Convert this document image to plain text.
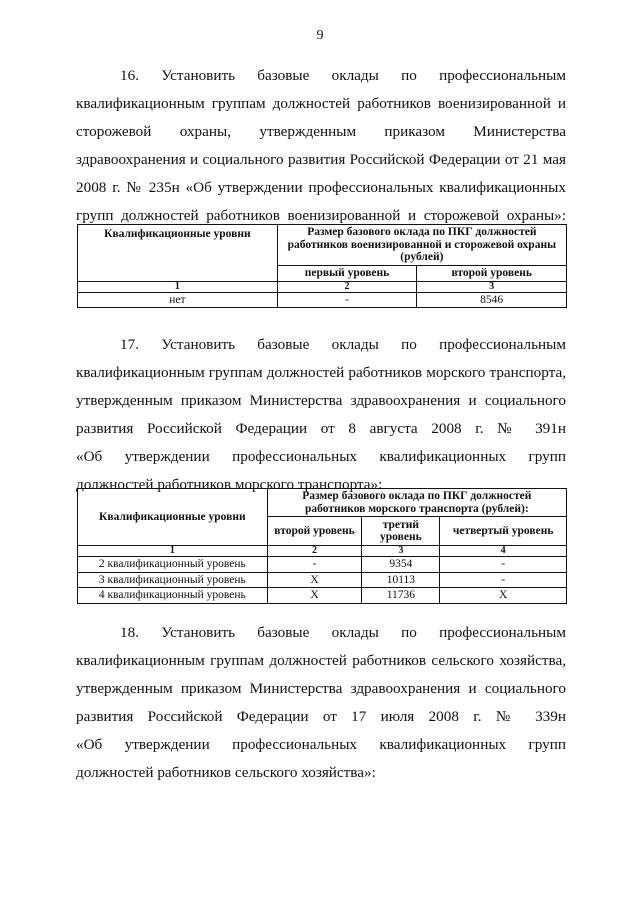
9
16. Установить базовые оклады по профессиональным
квалификационным группам должностей работников военизированной и
сторожевой охраны, утвержденным приказом Министерства
здравоохранения и социального развития Российской Федерации от 21 мая
2008 г. № 235н «Об утверждении профессиональных квалификационных
групп должностей работников военизированной и сторожевой охраны»:
Квалификационные уровни	Размер базового оклада по ПКГ должностей работников военизированной и сторожевой охраны (рублей)	
	первый уровень	второй уровень
1	2	3
нет	-	8546
17. Установить базовые оклады по профессиональным
квалификационным группам должностей работников морского транспорта,
утвержденным приказом Министерства здравоохранения и социального
развития Российской Федерации от 8 августа 2008 г. № 391н
«Об утверждении профессиональных квалификационных групп
должностей работников морского транспорта»:
Квалификационные уровни	Размер базового оклада по ПКГ должностей работников морского транспорта (рублей):		
	второй уровень	третий уровень	четвертый уровень
1	2	3	4
2 квалификационный уровень	-	9354	-
3 квалификационный уровень	X	10113	-
4 квалификационный уровень	X	11736	X
18. Установить базовые оклады по профессиональным
квалификационным группам должностей работников сельского хозяйства,
утвержденным приказом Министерства здравоохранения и социального
развития Российской Федерации от 17 июля 2008 г. № 339н
«Об утверждении профессиональных квалификационных групп
должностей работников сельского хозяйства»:
